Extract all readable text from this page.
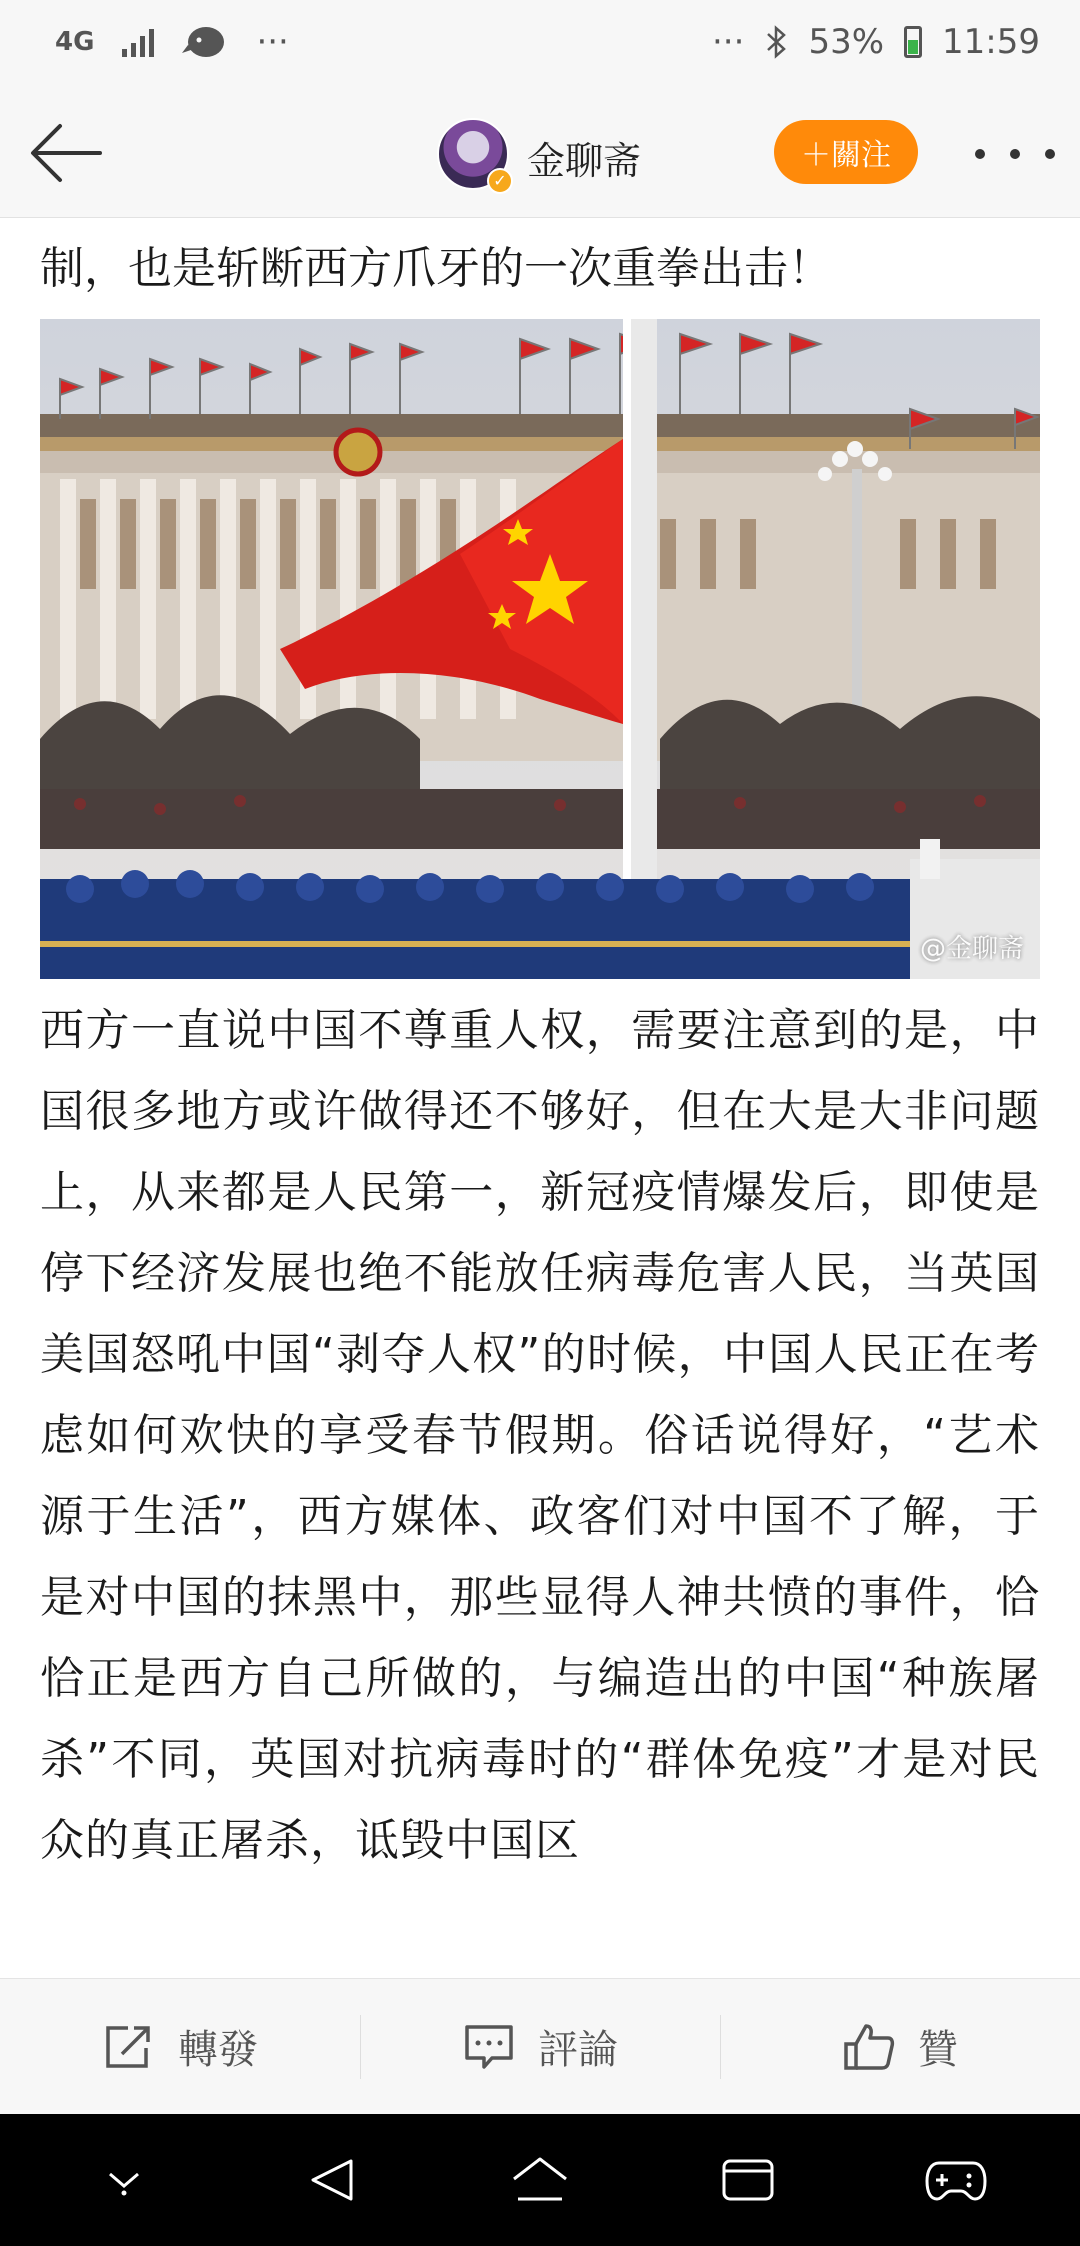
4G	···	··· 53% 11:59
✓ 金聊斋	＋關注
制，也是斩断西方爪牙的一次重拳出击！
@金聊斋
西方一直说中国不尊重人权，需要注意到的是，中国很多地方或许做得还不够好，但在大是大非问题上，从来都是人民第一，新冠疫情爆发后，即使是停下经济发展也绝不能放任病毒危害人民，当英国美国怒吼中国“剥夺人权”的时候，中国人民正在考虑如何欢快的享受春节假期。俗话说得好，“艺术源于生活”，西方媒体、政客们对中国不了解，于是对中国的抹黑中，那些显得人神共愤的事件，恰恰正是西方自己所做的，与编造出的中国“种族屠杀”不同，英国对抗病毒时的“群体免疫”才是对民众的真正屠杀，诋毁中国区
轉發	評論	贊
